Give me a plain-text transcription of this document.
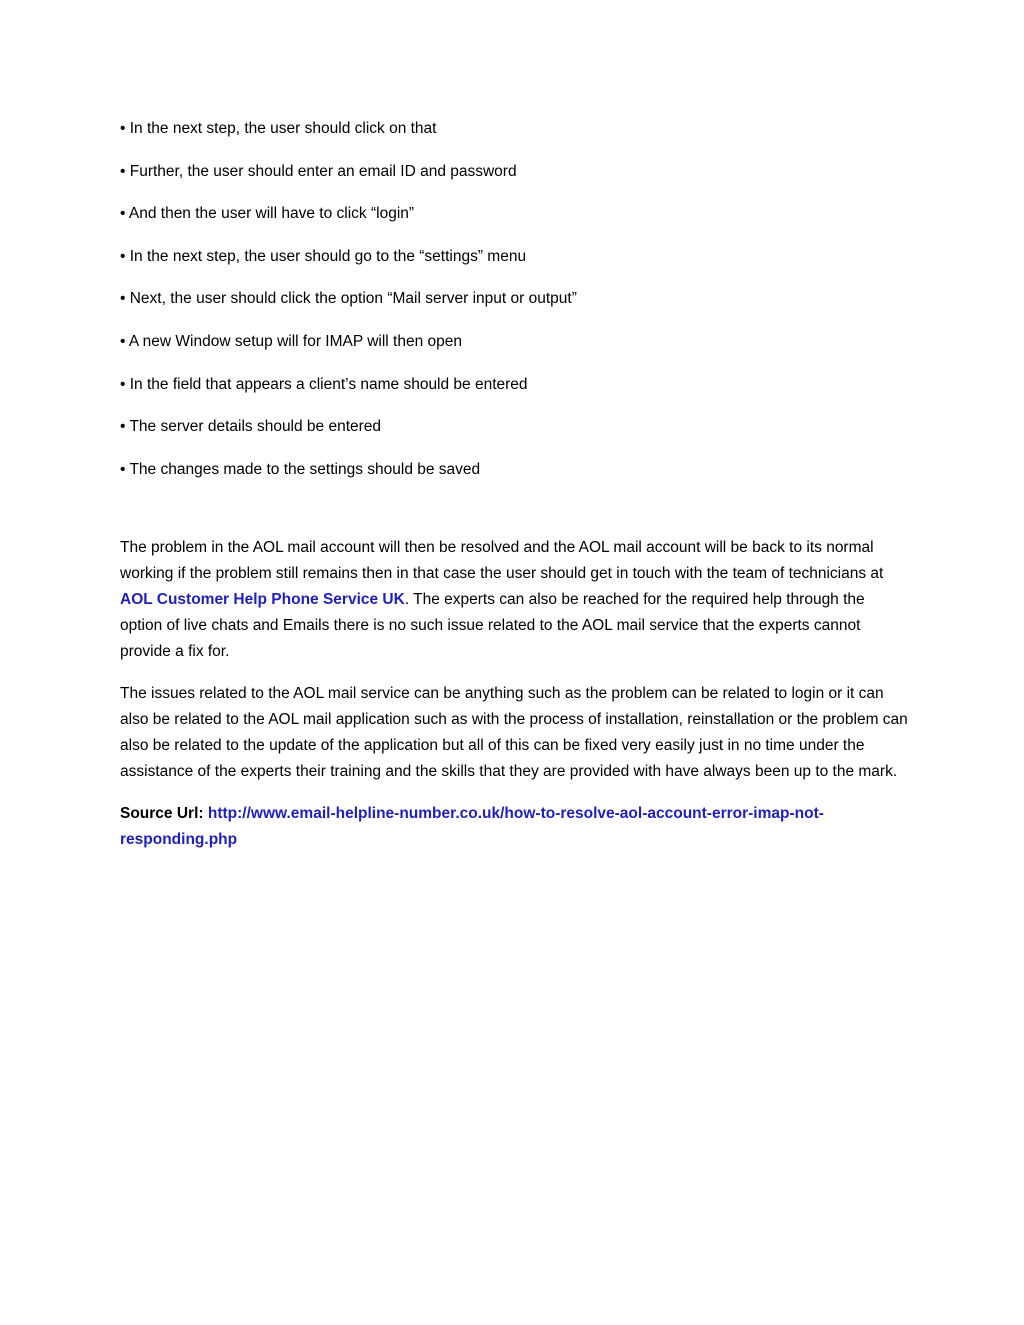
• In the next step, the user should click on that
• Further, the user should enter an email ID and password
• And then the user will have to click “login”
• In the next step, the user should go to the “settings” menu
• Next, the user should click the option “Mail server input or output”
• A new Window setup will for IMAP will then open
• In the field that appears a client’s name should be entered
• The server details should be entered
• The changes made to the settings should be saved

The problem in the AOL mail account will then be resolved and the AOL mail account will be back to its normal working if the problem still remains then in that case the user should get in touch with the team of technicians at AOL Customer Help Phone Service UK. The experts can also be reached for the required help through the option of live chats and Emails there is no such issue related to the AOL mail service that the experts cannot provide a fix for.

The issues related to the AOL mail service can be anything such as the problem can be related to login or it can also be related to the AOL mail application such as with the process of installation, reinstallation or the problem can also be related to the update of the application but all of this can be fixed very easily just in no time under the assistance of the experts their training and the skills that they are provided with have always been up to the mark.

Source Url: http://www.email-helpline-number.co.uk/how-to-resolve-aol-account-error-imap-not-responding.php
